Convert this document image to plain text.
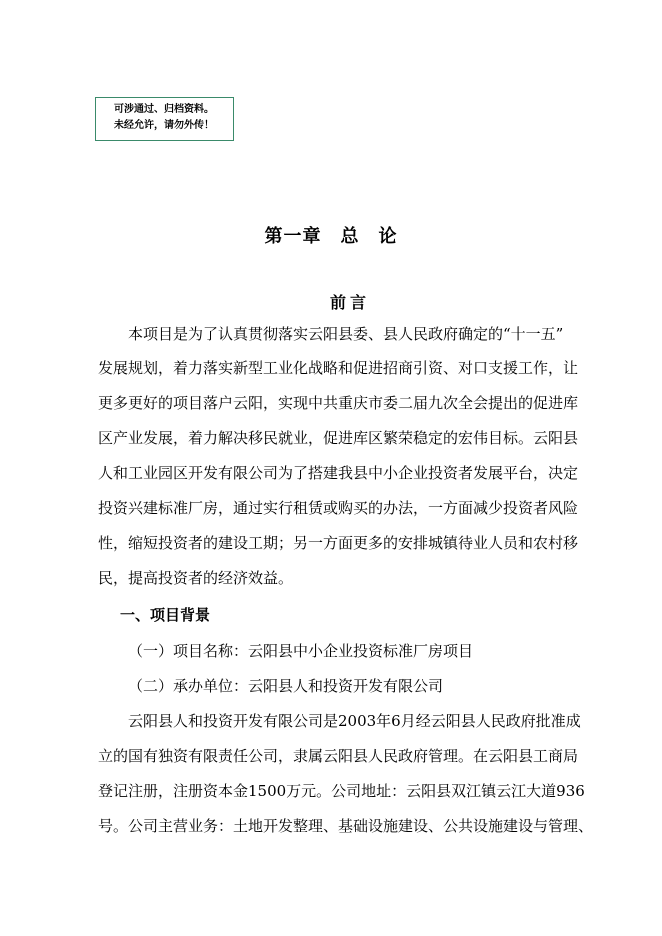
可涉通过、归档资料。
未经允许，请勿外传！
第一章　总　论
前言
　　本项目是为了认真贯彻落实云阳县委、县人民政府确定的“十一五”
发展规划，着力落实新型工业化战略和促进招商引资、对口支援工作，让
更多更好的项目落户云阳，实现中共重庆市委二届九次全会提出的促进库
区产业发展，着力解决移民就业，促进库区繁荣稳定的宏伟目标。云阳县
人和工业园区开发有限公司为了搭建我县中小企业投资者发展平台，决定
投资兴建标准厂房，通过实行租赁或购买的办法，一方面减少投资者风险
性，缩短投资者的建设工期；另一方面更多的安排城镇待业人员和农村移
民，提高投资者的经济效益。
一、项目背景
（一）项目名称：云阳县中小企业投资标准厂房项目
（二）承办单位：云阳县人和投资开发有限公司
　　云阳县人和投资开发有限公司是2003年6月经云阳县人民政府批准成
立的国有独资有限责任公司，隶属云阳县人民政府管理。在云阳县工商局
登记注册，注册资本金1500万元。公司地址：云阳县双江镇云江大道936
号。公司主营业务：土地开发整理、基础设施建设、公共设施建设与管理、
